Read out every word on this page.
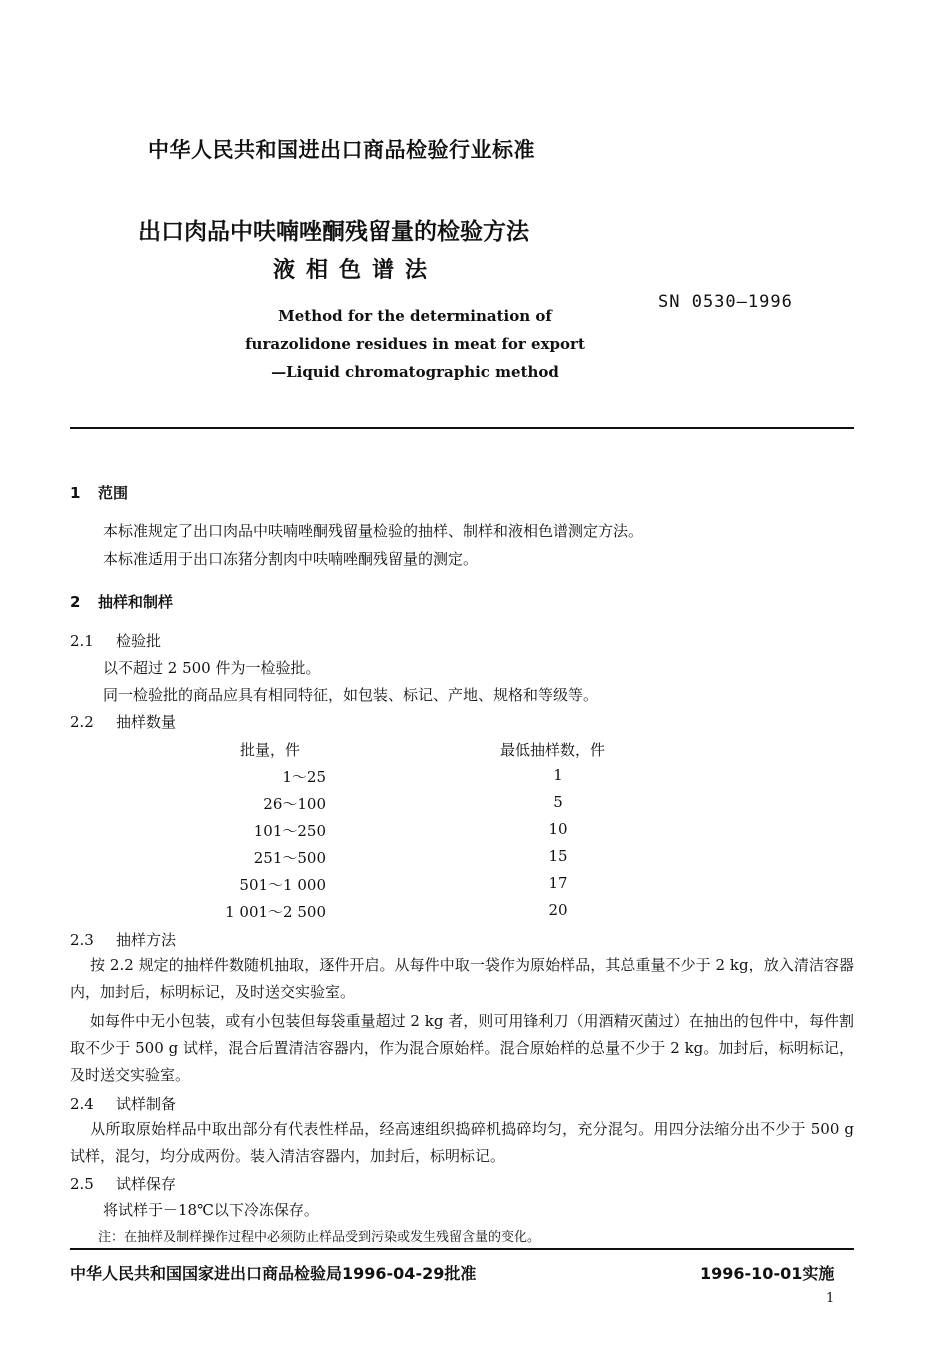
中华人民共和国进出口商品检验行业标准
出口肉品中呋喃唑酮残留量的检验方法
液相色谱法
SN 0530—1996
Method for the determination of
furazolidone residues in meat for export
—Liquid chromatographic method
1 范围
本标准规定了出口肉品中呋喃唑酮残留量检验的抽样、制样和液相色谱测定方法。
本标准适用于出口冻猪分割肉中呋喃唑酮残留量的测定。
2 抽样和制样
2.1 检验批
以不超过 2 500 件为一检验批。
同一检验批的商品应具有相同特征，如包装、标记、产地、规格和等级等。
2.2 抽样数量
批量，件	最低抽样数，件
1～25	1
26～100	5
101～250	10
251～500	15
501～1 000	17
1 001～2 500	20
2.3 抽样方法
按 2.2 规定的抽样件数随机抽取，逐件开启。从每件中取一袋作为原始样品，其总重量不少于 2 kg，放入清洁容器内，加封后，标明标记，及时送交实验室。
如每件中无小包装，或有小包装但每袋重量超过 2 kg 者，则可用锋利刀（用酒精灭菌过）在抽出的包件中，每件割取不少于 500 g 试样，混合后置清洁容器内，作为混合原始样。混合原始样的总量不少于 2 kg。加封后，标明标记，及时送交实验室。
2.4 试样制备
从所取原始样品中取出部分有代表性样品，经高速组织捣碎机捣碎均匀，充分混匀。用四分法缩分出不少于 500 g 试样，混匀，均分成两份。装入清洁容器内，加封后，标明标记。
2.5 试样保存
将试样于－18℃以下冷冻保存。
注：在抽样及制样操作过程中必须防止样品受到污染或发生残留含量的变化。
中华人民共和国国家进出口商品检验局1996-04-29批准	1996-10-01实施
1
